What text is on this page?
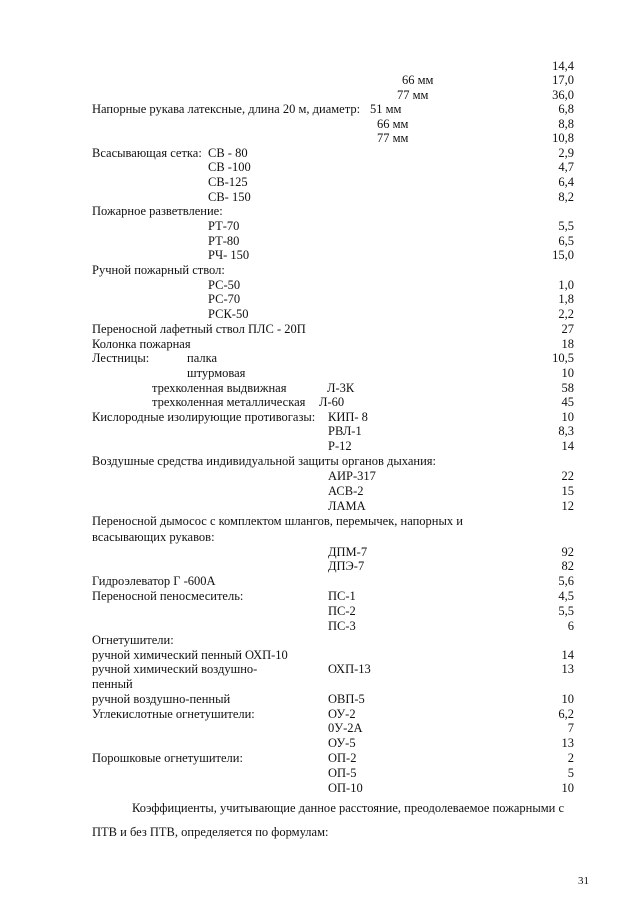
14,4
66 мм	17,0
77 мм	36,0
Напорные рукава латексные, длина 20 м, диаметр: 51 мм	6,8
66 мм	8,8
77 мм	10,8
Всасывающая сетка: СВ - 80	2,9
СВ -100	4,7
СВ-125	6,4
СВ- 150	8,2
Пожарное разветвление:
РТ-70	5,5
РТ-80	6,5
РЧ- 150	15,0
Ручной пожарный ствол:
РС-50	1,0
РС-70	1,8
РСК-50	2,2
Переносной лафетный ствол ПЛС - 20П	27
Колонка пожарная	18
Лестницы:	палка	10,5
штурмовая	10
трехколенная выдвижная	Л-3К	58
трехколенная металлическая Л-60	45
Кислородные изолирующие противогазы: КИП- 8	10
РВЛ-1	8,3
Р-12	14
Воздушные средства индивидуальной защиты органов дыхания:
АИР-317	22
АСВ-2	15
ЛАМА	12
Переносной дымосос с комплектом шлангов, перемычек, напорных и
всасывающих рукавов:
ДПМ-7	92
ДПЭ-7	82
Гидроэлеватор Г -600А	5,6
Переносной пеносмеситель:	ПС-1	4,5
ПС-2	5,5
ПС-3	6
Огнетушители:
ручной химический пенный ОХП-10	14
ручной химический воздушно-	ОХП-13	13
пенный
ручной воздушно-пенный	ОВП-5	10
Углекислотные огнетушители:	ОУ-2	6,2
0У-2А	7
ОУ-5	13
Порошковые огнетушители:	ОП-2	2
ОП-5	5
ОП-10	10
Коэффициенты, учитывающие данное расстояние, преодолеваемое пожарными с
ПТВ и без ПТВ, определяется по формулам:
31
